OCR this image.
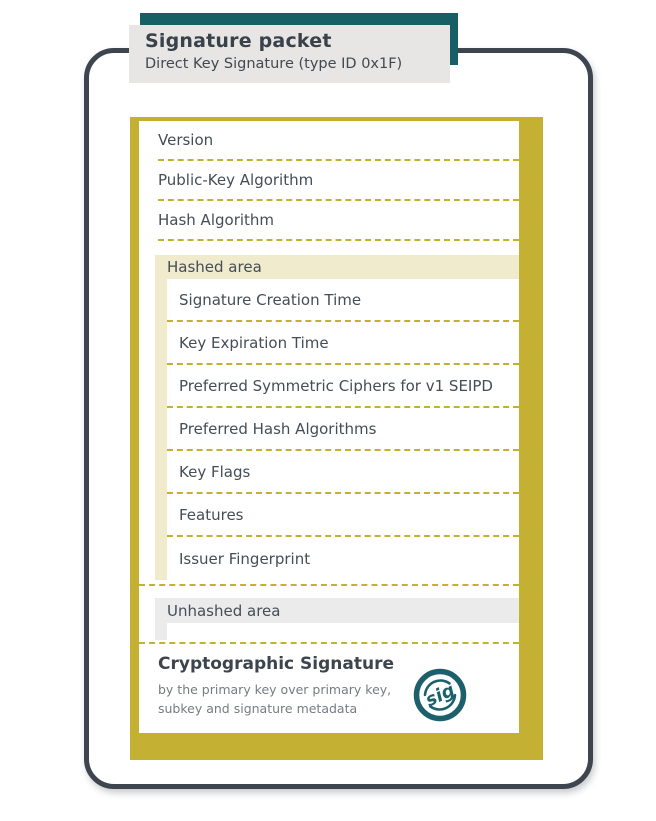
Signature packet
Direct Key Signature (type ID 0x1F)
Version
Public-Key Algorithm
Hash Algorithm
Hashed area
Signature Creation Time
Key Expiration Time
Preferred Symmetric Ciphers for v1 SEIPD
Preferred Hash Algorithms
Key Flags
Features
Issuer Fingerprint
Unhashed area
Cryptographic Signature
by the primary key over primary key, subkey and signature metadata	sig
